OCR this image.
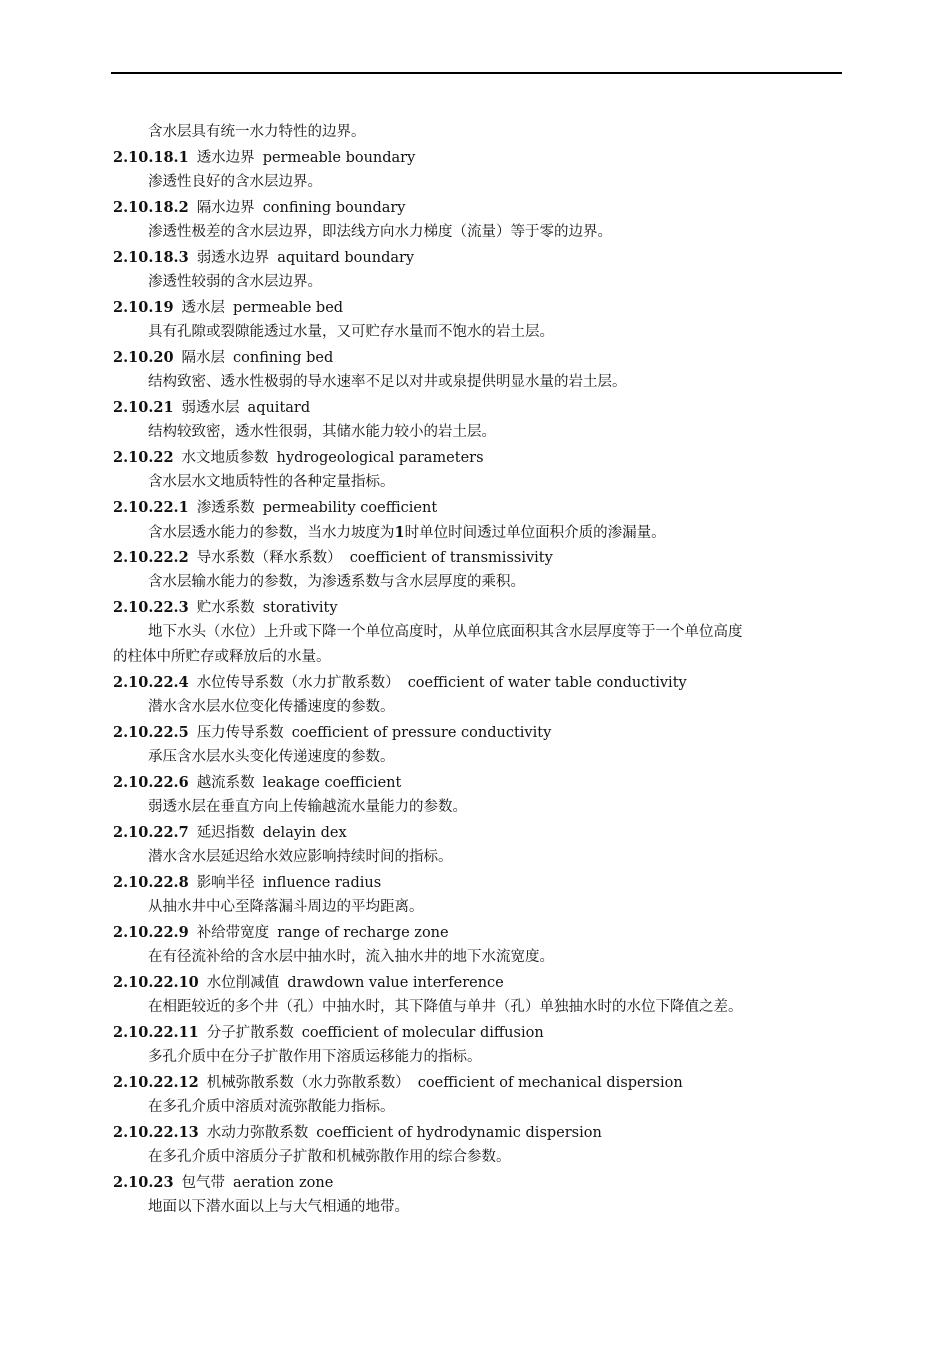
含水层具有统一水力特性的边界。
2.10.18.1 透水边界 permeable boundary
渗透性良好的含水层边界。
2.10.18.2 隔水边界 confining boundary
渗透性极差的含水层边界，即法线方向水力梯度（流量）等于零的边界。
2.10.18.3 弱透水边界 aquitard boundary
渗透性较弱的含水层边界。
2.10.19 透水层 permeable bed
具有孔隙或裂隙能透过水量，又可贮存水量而不饱水的岩土层。
2.10.20 隔水层 confining bed
结构致密、透水性极弱的导水速率不足以对井或泉提供明显水量的岩土层。
2.10.21 弱透水层 aquitard
结构较致密，透水性很弱，其储水能力较小的岩土层。
2.10.22 水文地质参数 hydrogeological parameters
含水层水文地质特性的各种定量指标。
2.10.22.1 渗透系数 permeability coefficient
含水层透水能力的参数，当水力坡度为1时单位时间透过单位面积介质的渗漏量。
2.10.22.2 导水系数（释水系数） coefficient of transmissivity
含水层输水能力的参数，为渗透系数与含水层厚度的乘积。
2.10.22.3 贮水系数 storativity
地下水头（水位）上升或下降一个单位高度时，从单位底面积其含水层厚度等于一个单位高度
的柱体中所贮存或释放后的水量。
2.10.22.4 水位传导系数（水力扩散系数） coefficient of water table conductivity
潜水含水层水位变化传播速度的参数。
2.10.22.5 压力传导系数 coefficient of pressure conductivity
承压含水层水头变化传递速度的参数。
2.10.22.6 越流系数 leakage coefficient
弱透水层在垂直方向上传输越流水量能力的参数。
2.10.22.7 延迟指数 delayin dex
潜水含水层延迟给水效应影响持续时间的指标。
2.10.22.8 影响半径 influence radius
从抽水井中心至降落漏斗周边的平均距离。
2.10.22.9 补给带宽度 range of recharge zone
在有径流补给的含水层中抽水时，流入抽水井的地下水流宽度。
2.10.22.10 水位削减值 drawdown value interference
在相距较近的多个井（孔）中抽水时，其下降值与单井（孔）单独抽水时的水位下降值之差。
2.10.22.11 分子扩散系数 coefficient of molecular diffusion
多孔介质中在分子扩散作用下溶质运移能力的指标。
2.10.22.12 机械弥散系数（水力弥散系数） coefficient of mechanical dispersion
在多孔介质中溶质对流弥散能力指标。
2.10.22.13 水动力弥散系数 coefficient of hydrodynamic dispersion
在多孔介质中溶质分子扩散和机械弥散作用的综合参数。
2.10.23 包气带 aeration zone
地面以下潜水面以上与大气相通的地带。
